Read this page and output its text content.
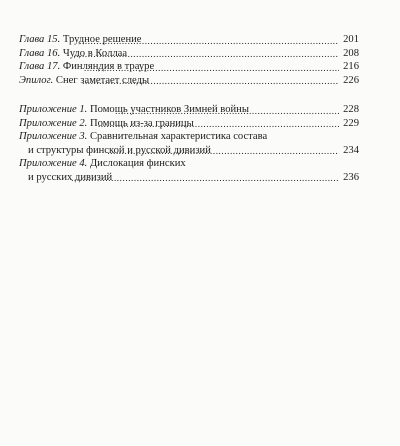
Глава 15. Трудное решение .....	201
Глава 16. Чудо в Коллаа .....	208
Глава 17. Финляндия в трауре .....	216
Эпилог. Снег заметает следы .....	226
Приложение 1. Помощь участников Зимней войны .....	228
Приложение 2. Помощь из-за границы .....	229
Приложение 3. Сравнительная характеристика состава
и структуры финской и русской дивизий .....	234
Приложение 4. Дислокация финских
и русских дивизий .....	236
